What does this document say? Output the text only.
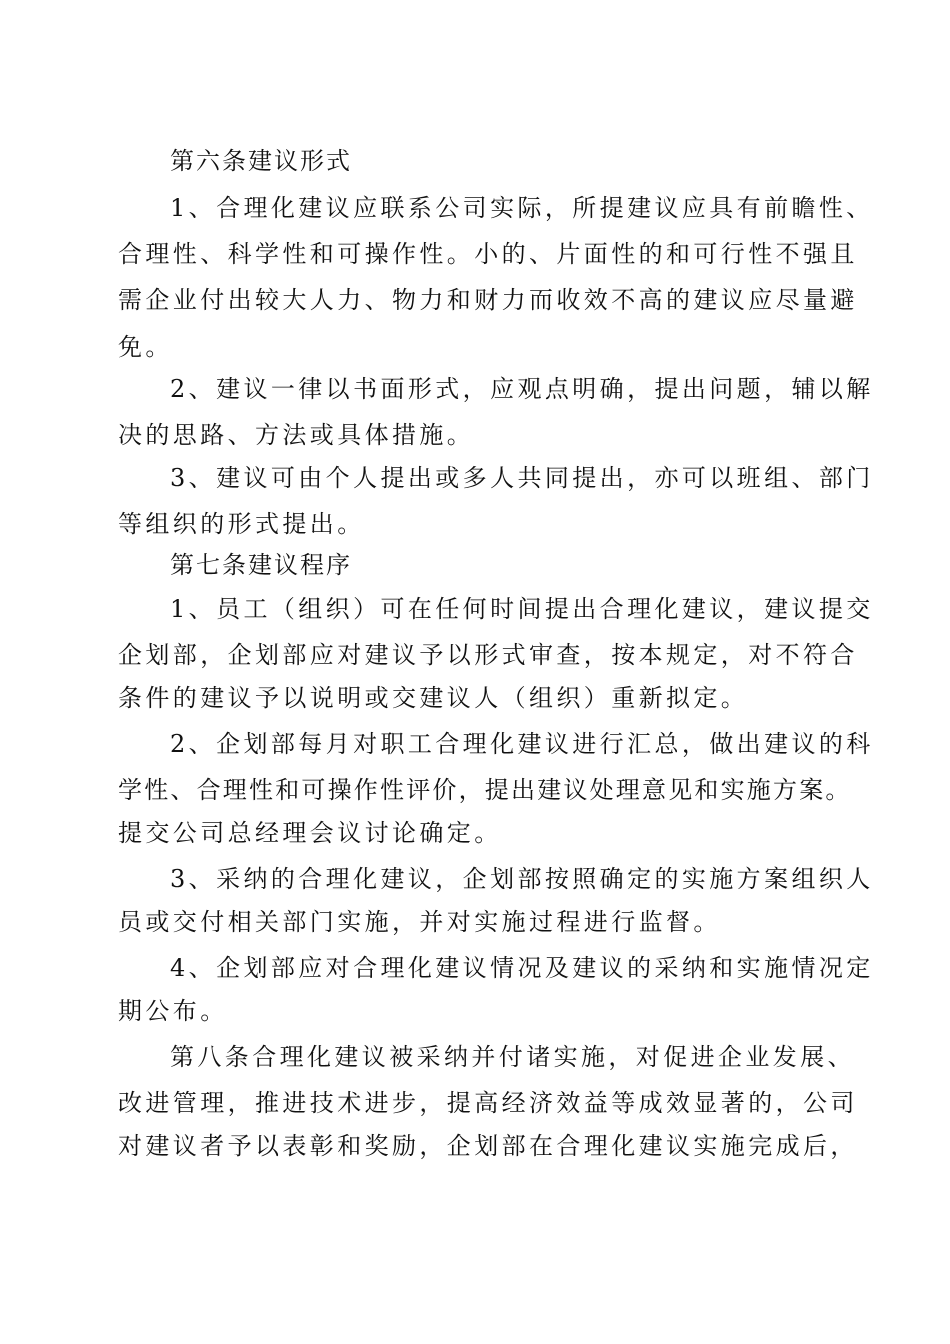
第六条建议形式
1、合理化建议应联系公司实际，所提建议应具有前瞻性、
合理性、科学性和可操作性。小的、片面性的和可行性不强且
需企业付出较大人力、物力和财力而收效不高的建议应尽量避
免。
2、建议一律以书面形式，应观点明确，提出问题，辅以解
决的思路、方法或具体措施。
3、建议可由个人提出或多人共同提出，亦可以班组、部门
等组织的形式提出。
第七条建议程序
1、员工（组织）可在任何时间提出合理化建议，建议提交
企划部，企划部应对建议予以形式审查，按本规定，对不符合
条件的建议予以说明或交建议人（组织）重新拟定。
2、企划部每月对职工合理化建议进行汇总，做出建议的科
学性、合理性和可操作性评价，提出建议处理意见和实施方案。
提交公司总经理会议讨论确定。
3、采纳的合理化建议，企划部按照确定的实施方案组织人
员或交付相关部门实施，并对实施过程进行监督。
4、企划部应对合理化建议情况及建议的采纳和实施情况定
期公布。
第八条合理化建议被采纳并付诸实施，对促进企业发展、
改进管理，推进技术进步，提高经济效益等成效显著的，公司
对建议者予以表彰和奖励，企划部在合理化建议实施完成后，
